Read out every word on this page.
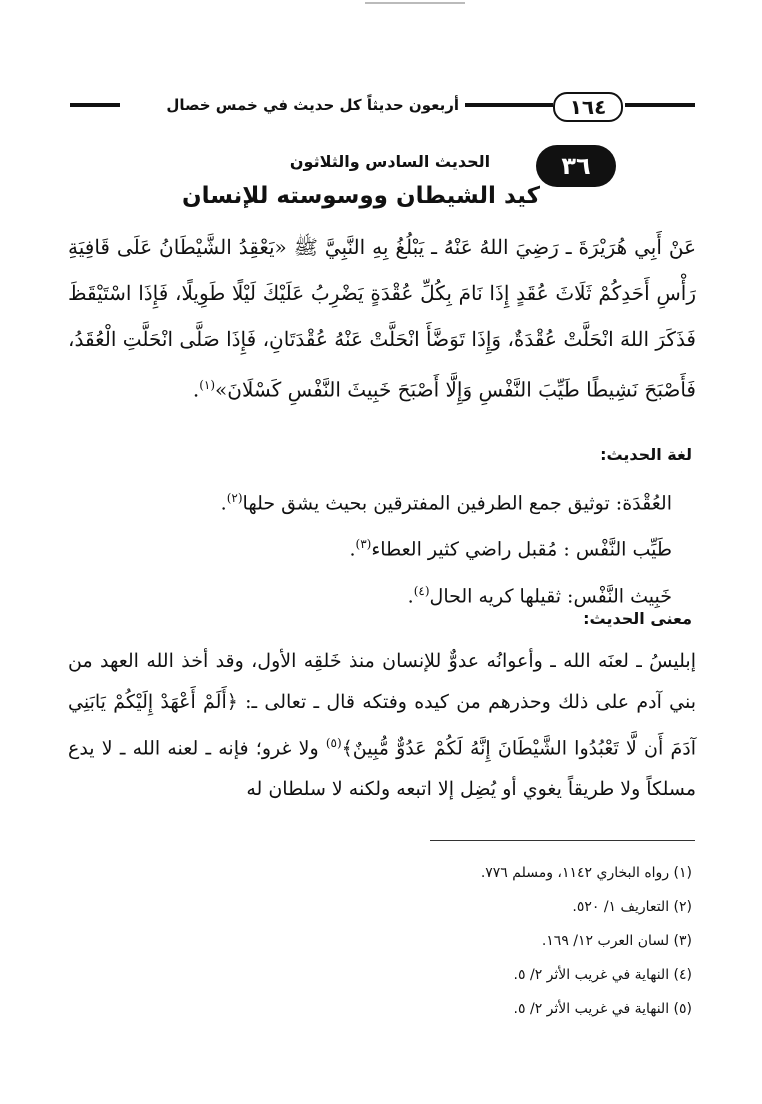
١٦٤
أربعون حديثاً كل حديث في خمس خصال
٣٦
الحديث السادس والثلاثون
كيد الشيطان ووسوسته للإنسان

عَنْ أَبِي هُرَيْرَةَ ـ رَضِيَ اللهُ عَنْهُ ـ يَبْلُغُ بِهِ النَّبِيَّ ﷺ «يَعْقِدُ الشَّيْطَانُ عَلَى قَافِيَةِ رَأْسِ أَحَدِكُمْ ثَلَاثَ عُقَدٍ إِذَا نَامَ بِكُلِّ عُقْدَةٍ يَضْرِبُ عَلَيْكَ لَيْلًا طَوِيلًا، فَإِذَا اسْتَيْقَظَ فَذَكَرَ اللهَ انْحَلَّتْ عُقْدَةٌ، وَإِذَا تَوَضَّأَ انْحَلَّتْ عَنْهُ عُقْدَتَانِ، فَإِذَا صَلَّى انْحَلَّتِ الْعُقَدُ، فَأَصْبَحَ نَشِيطًا طَيِّبَ النَّفْسِ وَإِلَّا أَصْبَحَ خَبِيثَ النَّفْسِ كَسْلَانَ»$^{(١)}$.

لغة الحديث:
العُقْدَة: توثيق جمع الطرفين المفترقين بحيث يشق حلها$^{(٢)}$.
طَيِّب النَّفْس : مُقبل راضي كثير العطاء$^{(٣)}$.
خَبِيث النَّفْس: ثقيلها كريه الحال$^{(٤)}$.
معنى الحديث:

إبليسُ ـ لعنَه الله ـ وأعوانُه عدوٌّ للإنسان منذ خَلقِه الأول، وقد أخذ الله العهد من بني آدم على ذلك وحذرهم من كيده وفتكه قال ـ تعالى ـ: ﴿أَلَمْ أَعْهَدْ إِلَيْكُمْ يَابَنِي آدَمَ أَن لَّا تَعْبُدُوا الشَّيْطَانَ إِنَّهُ لَكُمْ عَدُوٌّ مُّبِينٌ﴾$^{(٥)}$ ولا غرو؛ فإنه ـ لعنه الله ـ لا يدع مسلكاً ولا طريقاً يغوي أو يُضِل إلا اتبعه ولكنه لا سلطان له

(١) رواه البخاري ١١٤٢، ومسلم ٧٧٦.
(٢) التعاريف ١/ ٥٢٠.
(٣) لسان العرب ١٢/ ١٦٩.
(٤) النهاية في غريب الأثر ٢/ ٥.
(٥) النهاية في غريب الأثر ٢/ ٥.
